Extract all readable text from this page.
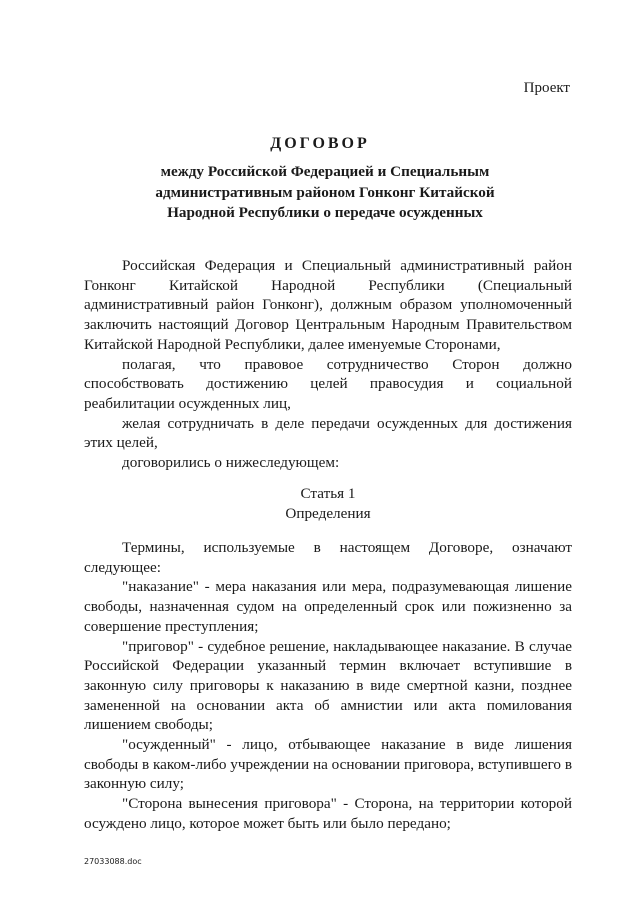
Проект
ДОГОВОР
между Российской Федерацией и Специальным административным районом Гонконг Китайской Народной Республики о передаче осужденных

Российская Федерация и Специальный административный район Гонконг Китайской Народной Республики (Специальный административный район Гонконг), должным образом уполномоченный заключить настоящий Договор Центральным Народным Правительством Китайской Народной Республики, далее именуемые Сторонами,

полагая, что правовое сотрудничество Сторон должно способствовать достижению целей правосудия и социальной реабилитации осужденных лиц,

желая сотрудничать в деле передачи осужденных для достижения этих целей,

договорились о нижеследующем:

Статья 1

Определения

Термины, используемые в настоящем Договоре, означают следующее:

"наказание" - мера наказания или мера, подразумевающая лишение свободы, назначенная судом на определенный срок или пожизненно за совершение преступления;

"приговор" - судебное решение, накладывающее наказание. В случае Российской Федерации указанный термин включает вступившие в законную силу приговоры к наказанию в виде смертной казни, позднее замененной на основании акта об амнистии или акта помилования лишением свободы;

"осужденный" - лицо, отбывающее наказание в виде лишения свободы в каком-либо учреждении на основании приговора, вступившего в законную силу;

"Сторона вынесения приговора" - Сторона, на территории которой осуждено лицо, которое может быть или было передано;

27033088.doc
